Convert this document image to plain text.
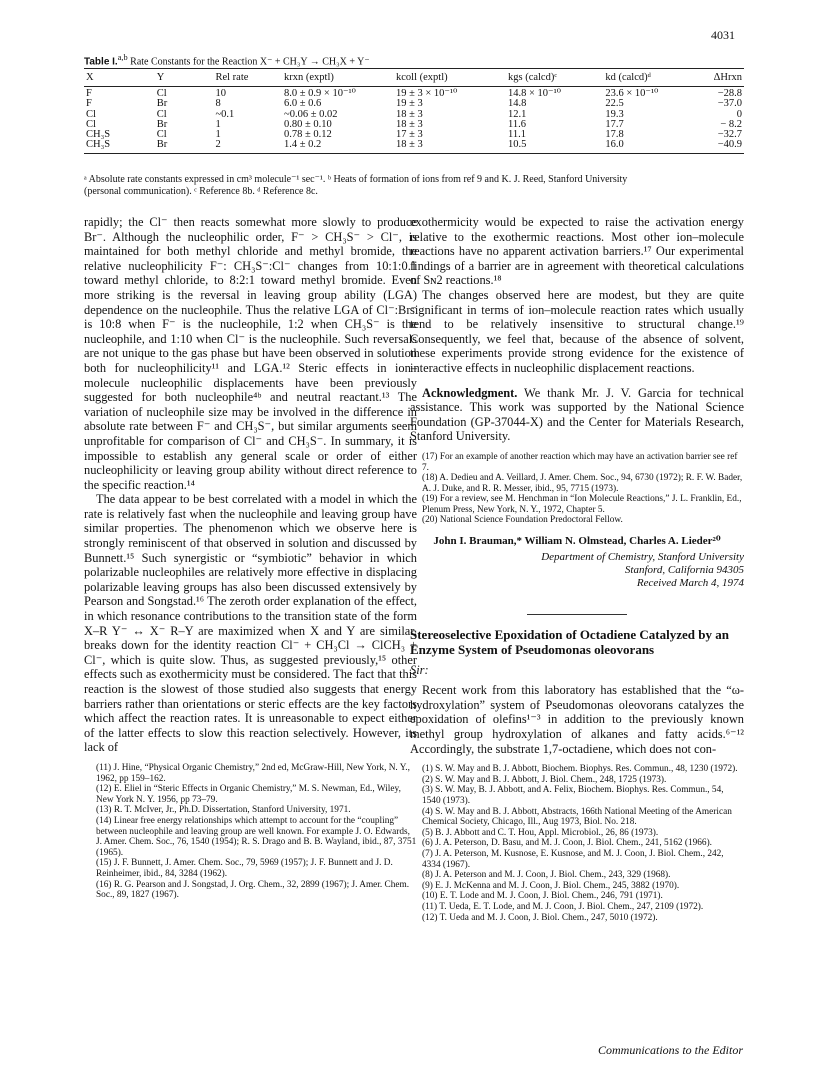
4031
Table I.$^{a,b}$ Rate Constants for the Reaction X⁻ + CH₃Y → CH₃X + Y⁻
X	Y	Rel rate	krxn (exptl)	kcoll (exptl)	kgs (calcd)ᶜ	kd (calcd)ᵈ	ΔHrxn
F	Cl	10	8.0 ± 0.9 × 10⁻¹⁰	19 ± 3 × 10⁻¹⁰	14.8 × 10⁻¹⁰	23.6 × 10⁻¹⁰	−28.8
F	Br	8	6.0 ± 0.6	19 ± 3	14.8	22.5	−37.0
Cl	Cl	~0.1	~0.06 ± 0.02	18 ± 3	12.1	19.3	0
Cl	Br	1	0.80 ± 0.10	18 ± 3	11.6	17.7	− 8.2
CH₃S	Cl	1	0.78 ± 0.12	17 ± 3	11.1	17.8	−32.7
CH₃S	Br	2	1.4 ± 0.2	18 ± 3	10.5	16.0	−40.9
ᵃ Absolute rate constants expressed in cm³ molecule⁻¹ sec⁻¹. ᵇ Heats of formation of ions from ref 9 and K. J. Reed, Stanford University
(personal communication). ᶜ Reference 8b. ᵈ Reference 8c.

rapidly; the Cl⁻ then reacts somewhat more slowly to produce Br⁻. Although the nucleophilic order, F⁻ > CH₃S⁻ > Cl⁻, is maintained for both methyl chloride and methyl bromide, the relative nucleophilicity F⁻: CH₃S⁻:Cl⁻ changes from 10:1:0.1 toward methyl chloride, to 8:2:1 toward methyl bromide. Even more striking is the reversal in leaving group ability (LGA) dependence on the nucleophile. Thus the relative LGA of Cl⁻:Br⁻ is 10:8 when F⁻ is the nucleophile, 1:2 when CH₃S⁻ is the nucleophile, and 1:10 when Cl⁻ is the nucleophile. Such reversals are not unique to the gas phase but have been observed in solution both for nucleophilicity¹¹ and LGA.¹² Steric effects in ion–molecule nucleophilic displacements have been previously suggested for both nucleophile⁴ᵇ and neutral reactant.¹³ The variation of nucleophile size may be involved in the difference in absolute rate between F⁻ and CH₃S⁻, but similar arguments seem unprofitable for comparison of Cl⁻ and CH₃S⁻. In summary, it is impossible to establish any general scale or order of either nucleophilicity or leaving group ability without direct reference to the specific reaction.¹⁴

The data appear to be best correlated with a model in which the rate is relatively fast when the nucleophile and leaving group have similar properties. The phenomenon which we observe here is strongly reminiscent of that observed in solution and discussed by Bunnett.¹⁵ Such synergistic or “symbiotic” behavior in which polarizable nucleophiles are relatively more effective in displacing polarizable leaving groups has also been discussed extensively by Pearson and Songstad.¹⁶ The zeroth order explanation of the effect, in which resonance contributions to the transition state of the form X–R Y⁻ ↔ X⁻ R–Y are maximized when X and Y are similar, breaks down for the identity reaction Cl⁻ + CH₃Cl → ClCH₃ + Cl⁻, which is quite slow. Thus, as suggested previously,¹⁵ other effects such as exothermicity must be considered. The fact that this reaction is the slowest of those studied also suggests that energy barriers rather than orientations or steric effects are the key factors which affect the reaction rates. It is unreasonable to expect either of the latter effects to slow this reaction selectively. However, its lack of

(11) J. Hine, “Physical Organic Chemistry,” 2nd ed, McGraw-Hill, New York, N. Y., 1962, pp 159–162.
(12) E. Eliel in “Steric Effects in Organic Chemistry,” M. S. Newman, Ed., Wiley, New York N. Y. 1956, pp 73–79.
(13) R. T. McIver, Jr., Ph.D. Dissertation, Stanford University, 1971.
(14) Linear free energy relationships which attempt to account for the “coupling” between nucleophile and leaving group are well known. For example J. O. Edwards, J. Amer. Chem. Soc., 76, 1540 (1954); R. S. Drago and B. B. Wayland, ibid., 87, 3751 (1965).
(15) J. F. Bunnett, J. Amer. Chem. Soc., 79, 5969 (1957); J. F. Bunnett and J. D. Reinheimer, ibid., 84, 3284 (1962).
(16) R. G. Pearson and J. Songstad, J. Org. Chem., 32, 2899 (1967); J. Amer. Chem. Soc., 89, 1827 (1967).

exothermicity would be expected to raise the activation energy relative to the exothermic reactions. Most other ion–molecule reactions have no apparent activation barriers.¹⁷ Our experimental findings of a barrier are in agreement with theoretical calculations of Sɴ2 reactions.¹⁸

The changes observed here are modest, but they are quite significant in terms of ion–molecule reaction rates which usually tend to be relatively insensitive to structural change.¹⁹ Consequently, we feel that, because of the absence of solvent, these experiments provide strong evidence for the existence of interactive effects in nucleophilic displacement reactions.

Acknowledgment. We thank Mr. J. V. Garcia for technical assistance. This work was supported by the National Science Foundation (GP-37044-X) and the Center for Materials Research, Stanford University.

(17) For an example of another reaction which may have an activation barrier see ref 7.
(18) A. Dedieu and A. Veillard, J. Amer. Chem. Soc., 94, 6730 (1972); R. F. W. Bader, A. J. Duke, and R. R. Messer, ibid., 95, 7715 (1973).
(19) For a review, see M. Henchman in “Ion Molecule Reactions,” J. L. Franklin, Ed., Plenum Press, New York, N. Y., 1972, Chapter 5.
(20) National Science Foundation Predoctoral Fellow.
John I. Brauman,* William N. Olmstead, Charles A. Lieder²⁰
Department of Chemistry, Stanford University
Stanford, California 94305
Received March 4, 1974
Stereoselective Epoxidation of Octadiene Catalyzed by an Enzyme System of Pseudomonas oleovorans
Sir:

Recent work from this laboratory has established that the “ω-hydroxylation” system of Pseudomonas oleovorans catalyzes the epoxidation of olefins¹⁻³ in addition to the previously known methyl group hydroxylation of alkanes and fatty acids.⁶⁻¹² Accordingly, the substrate 1,7-octadiene, which does not con-

(1) S. W. May and B. J. Abbott, Biochem. Biophys. Res. Commun., 48, 1230 (1972).
(2) S. W. May and B. J. Abbott, J. Biol. Chem., 248, 1725 (1973).
(3) S. W. May, B. J. Abbott, and A. Felix, Biochem. Biophys. Res. Commun., 54, 1540 (1973).
(4) S. W. May and B. J. Abbott, Abstracts, 166th National Meeting of the American Chemical Society, Chicago, Ill., Aug 1973, Biol. No. 218.
(5) B. J. Abbott and C. T. Hou, Appl. Microbiol., 26, 86 (1973).
(6) J. A. Peterson, D. Basu, and M. J. Coon, J. Biol. Chem., 241, 5162 (1966).
(7) J. A. Peterson, M. Kusnose, E. Kusnose, and M. J. Coon, J. Biol. Chem., 242, 4334 (1967).
(8) J. A. Peterson and M. J. Coon, J. Biol. Chem., 243, 329 (1968).
(9) E. J. McKenna and M. J. Coon, J. Biol. Chem., 245, 3882 (1970).
(10) E. T. Lode and M. J. Coon, J. Biol. Chem., 246, 791 (1971).
(11) T. Ueda, E. T. Lode, and M. J. Coon, J. Biol. Chem., 247, 2109 (1972).
(12) T. Ueda and M. J. Coon, J. Biol. Chem., 247, 5010 (1972).
Communications to the Editor
